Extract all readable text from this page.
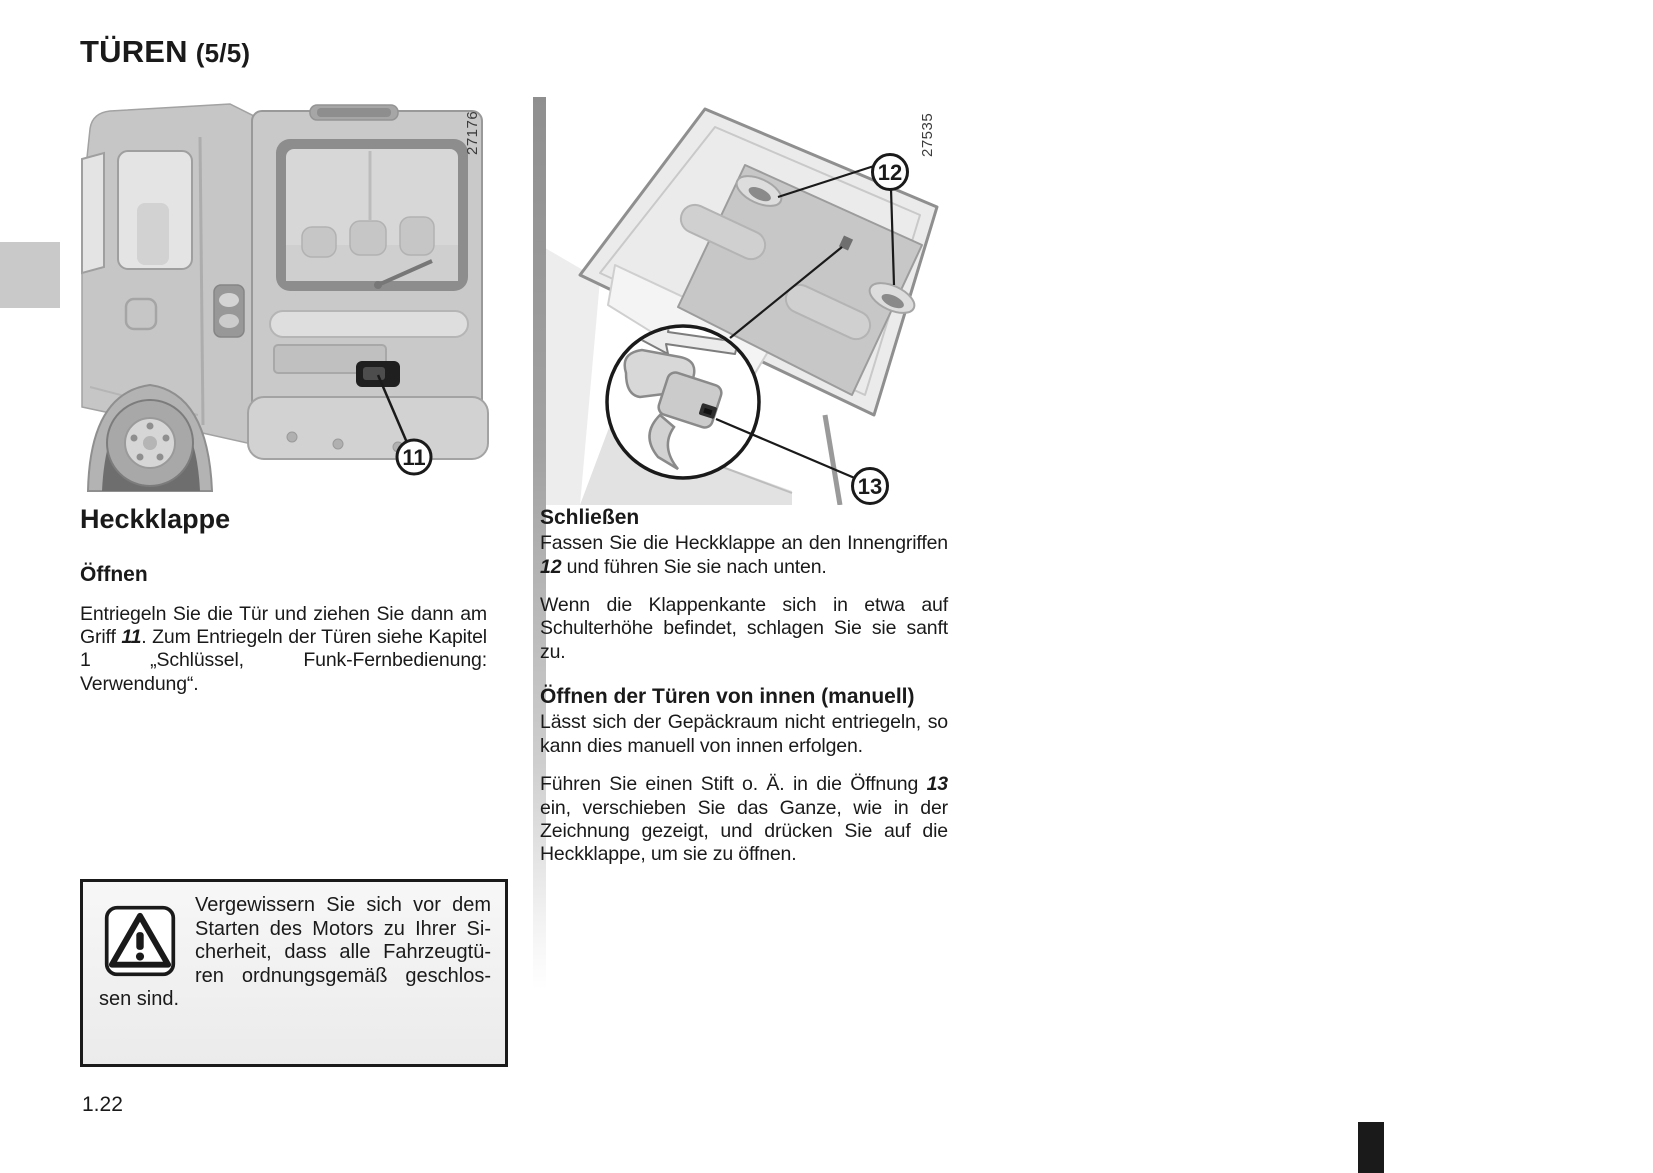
TÜREN (5/5)
11
27176
12
13
27535
Heckklappe
Öffnen

Entriegeln Sie die Tür und ziehen Sie dann am Griff 11. Zum Entriegeln der Türen siehe Kapitel 1 „Schlüssel, Funk-Fernbedienung: Verwendung“.

Schließen

Fassen Sie die Heckklappe an den Innengriffen 12 und führen Sie sie nach unten.

Wenn die Klappenkante sich in etwa auf Schulterhöhe befindet, schlagen Sie sie sanft zu.

Öffnen der Türen von innen (manuell)

Lässt sich der Gepäckraum nicht entriegeln, so kann dies manuell von innen erfolgen.

Führen Sie einen Stift o. Ä. in die Öffnung 13 ein, verschieben Sie das Ganze, wie in der Zeichnung gezeigt, und drücken Sie auf die Heckklappe, um sie zu öffnen.

Vergewissern Sie sich vor dem Starten des Motors zu Ihrer Sicherheit, dass alle Fahrzeugtüren ordnungsgemäß geschlossen sind.

1.22
